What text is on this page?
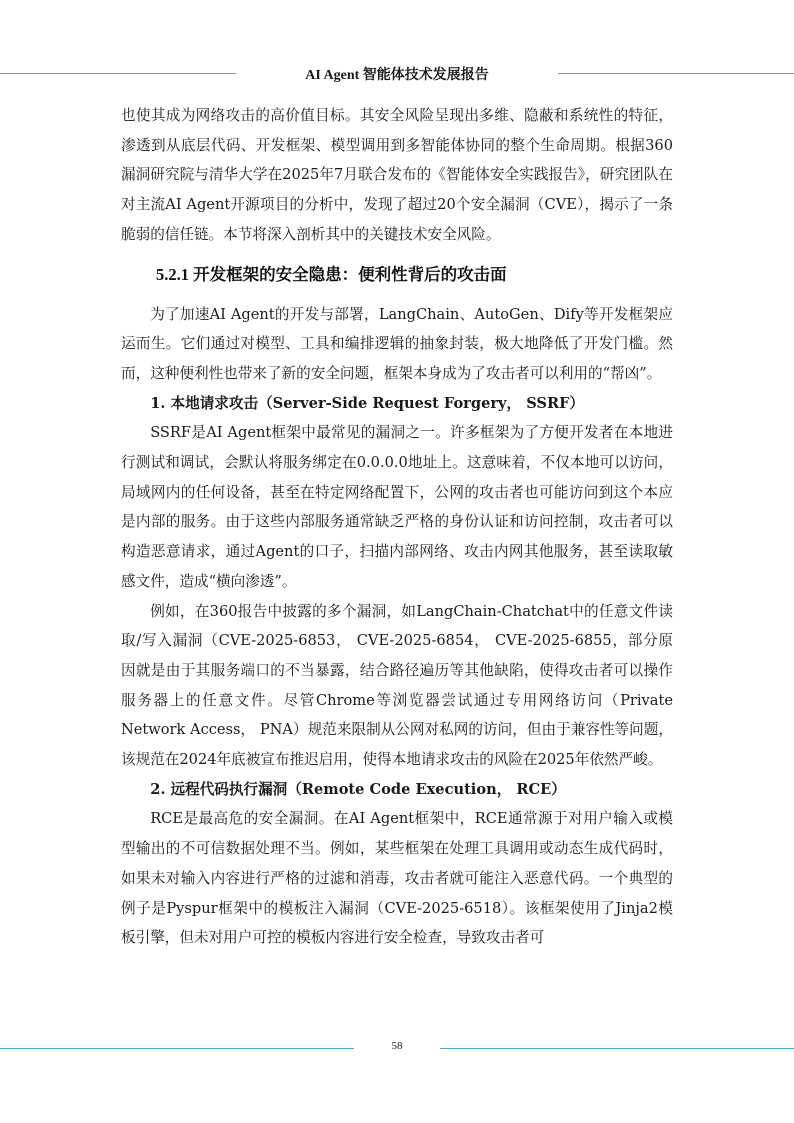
AI Agent 智能体技术发展报告

也使其成为网络攻击的高价值目标。其安全风险呈现出多维、隐蔽和系统性的特征，渗透到从底层代码、开发框架、模型调用到多智能体协同的整个生命周期。根据360漏洞研究院与清华大学在2025年7月联合发布的《智能体安全实践报告》，研究团队在对主流AI Agent开源项目的分析中，发现了超过20个安全漏洞（CVE），揭示了一条脆弱的信任链。本节将深入剖析其中的关键技术安全风险。

5.2.1 开发框架的安全隐患：便利性背后的攻击面

为了加速AI Agent的开发与部署，LangChain、AutoGen、Dify等开发框架应运而生。它们通过对模型、工具和编排逻辑的抽象封装，极大地降低了开发门槛。然而，这种便利性也带来了新的安全问题，框架本身成为了攻击者可以利用的“帮凶”。

1. 本地请求攻击（Server-Side Request Forgery， SSRF）

SSRF是AI Agent框架中最常见的漏洞之一。许多框架为了方便开发者在本地进行测试和调试，会默认将服务绑定在0.0.0.0地址上。这意味着，不仅本地可以访问，局域网内的任何设备，甚至在特定网络配置下，公网的攻击者也可能访问到这个本应是内部的服务。由于这些内部服务通常缺乏严格的身份认证和访问控制，攻击者可以构造恶意请求，通过Agent的口子，扫描内部网络、攻击内网其他服务，甚至读取敏感文件，造成“横向渗透”。

例如，在360报告中披露的多个漏洞，如LangChain-Chatchat中的任意文件读取/写入漏洞（CVE-2025-6853， CVE-2025-6854， CVE-2025-6855，部分原因就是由于其服务端口的不当暴露，结合路径遍历等其他缺陷，使得攻击者可以操作服务器上的任意文件。尽管Chrome等浏览器尝试通过专用网络访问（Private Network Access， PNA）规范来限制从公网对私网的访问，但由于兼容性等问题，该规范在2024年底被宣布推迟启用，使得本地请求攻击的风险在2025年依然严峻。

2. 远程代码执行漏洞（Remote Code Execution， RCE）

RCE是最高危的安全漏洞。在AI Agent框架中，RCE通常源于对用户输入或模型输出的不可信数据处理不当。例如，某些框架在处理工具调用或动态生成代码时，如果未对输入内容进行严格的过滤和消毒，攻击者就可能注入恶意代码。一个典型的例子是Pyspur框架中的模板注入漏洞（CVE-2025-6518）。该框架使用了Jinja2模板引擎，但未对用户可控的模板内容进行安全检查，导致攻击者可

58
